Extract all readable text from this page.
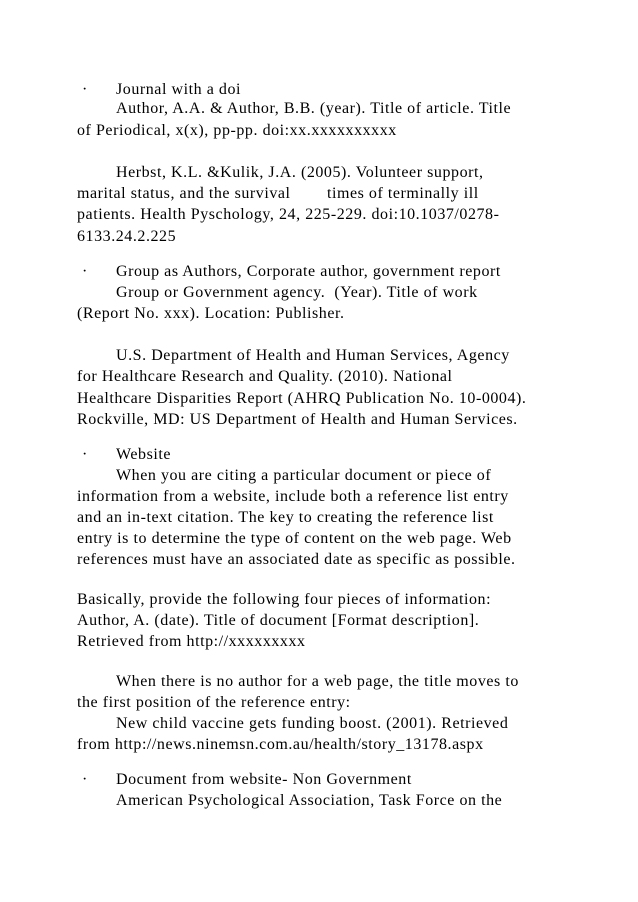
· Journal with a doi
Author, A.A. & Author, B.B. (year). Title of article. Title
of Periodical, x(x), pp-pp. doi:xx.xxxxxxxxxx
Herbst, K.L. &Kulik, J.A. (2005). Volunteer support,
marital status, and the survival        times of terminally ill
patients. Health Pyschology, 24, 225-229. doi:10.1037/0278-
6133.24.2.225
· Group as Authors, Corporate author, government report
Group or Government agency.  (Year). Title of work
(Report No. xxx). Location: Publisher.
U.S. Department of Health and Human Services, Agency
for Healthcare Research and Quality. (2010). National
Healthcare Disparities Report (AHRQ Publication No. 10-0004).
Rockville, MD: US Department of Health and Human Services.
· Website
When you are citing a particular document or piece of
information from a website, include both a reference list entry
and an in-text citation. The key to creating the reference list
entry is to determine the type of content on the web page. Web
references must have an associated date as specific as possible.
Basically, provide the following four pieces of information:
Author, A. (date). Title of document [Format description].
Retrieved from http://xxxxxxxxx
When there is no author for a web page, the title moves to
the first position of the reference entry:
New child vaccine gets funding boost. (2001). Retrieved
from http://news.ninemsn.com.au/health/story_13178.aspx
· Document from website- Non Government
American Psychological Association, Task Force on the
